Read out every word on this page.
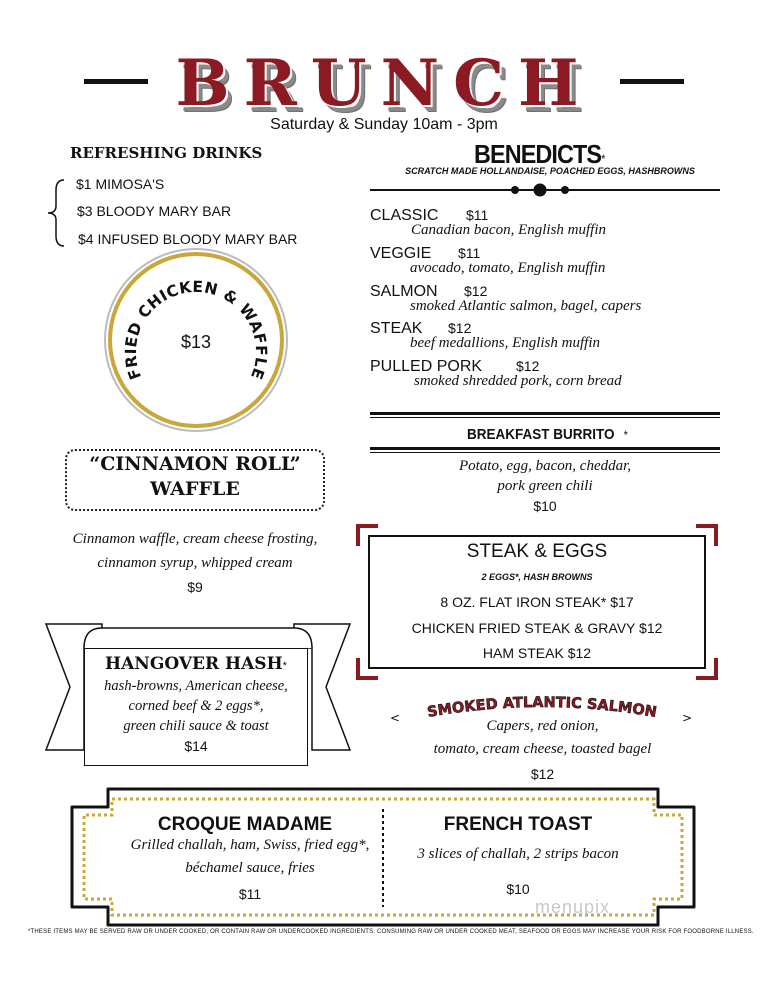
BRUNCH
Saturday & Sunday 10am - 3pm
REFRESHING DRINKS
$1 MIMOSA'S
$3 BLOODY MARY BAR
$4 INFUSED BLOODY MARY BAR
FRIED CHICKEN & WAFFLE
$13
“CINNAMON ROLL”
WAFFLE
Cinnamon waffle, cream cheese frosting,
cinnamon syrup, whipped cream
$9
BENEDICTS*
SCRATCH MADE HOLLANDAISE, POACHED EGGS, HASHBROWNS
CLASSIC $11
Canadian bacon, English muffin
VEGGIE $11
avocado, tomato, English muffin
SALMON $12
smoked Atlantic salmon, bagel, capers
STEAK $12
beef medallions, English muffin
PULLED PORK $12
smoked shredded pork, corn bread
BREAKFAST BURRITO *
Potato, egg, bacon, cheddar,
pork green chili
$10
STEAK & EGGS
2 EGGS*, HASH BROWNS
8 OZ. FLAT IRON STEAK* $17
CHICKEN FRIED STEAK & GRAVY $12
HAM STEAK $12
HANGOVER HASH*
hash-browns, American cheese,
corned beef & 2 eggs*,
green chili sauce & toast
$14
SMOKED ATLANTIC SALMON
<	>
Capers, red onion,
tomato, cream cheese, toasted bagel
$12
CROQUE MADAME
Grilled challah, ham, Swiss, fried egg*,
béchamel sauce, fries
$11
FRENCH TOAST
3 slices of challah, 2 strips bacon
$10
menupix
*THESE ITEMS MAY BE SERVED RAW OR UNDER COOKED, OR CONTAIN RAW OR UNDERCOOKED INGREDIENTS. CONSUMING RAW OR UNDER COOKED MEAT, SEAFOOD OR EGGS MAY INCREASE YOUR RISK FOR FOODBORNE ILLNESS.
